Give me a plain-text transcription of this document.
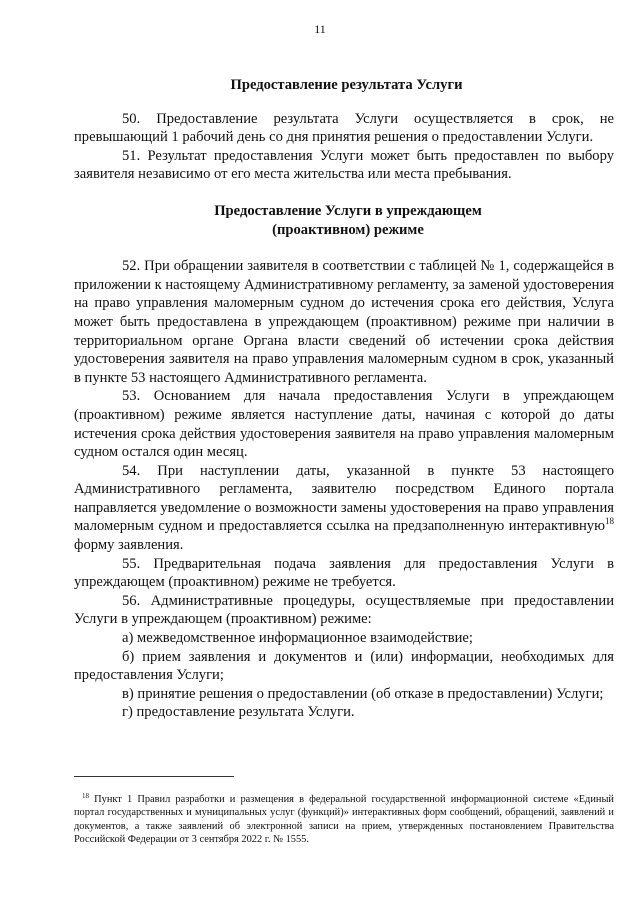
11
Предоставление результата Услуги

50. Предоставление результата Услуги осуществляется в срок, не превышающий 1 рабочий день со дня принятия решения о предоставлении Услуги.

51. Результат предоставления Услуги может быть предоставлен по выбору заявителя независимо от его места жительства или места пребывания.

Предоставление Услуги в упреждающем
(проактивном) режиме

52. При обращении заявителя в соответствии с таблицей № 1, содержащейся в приложении к настоящему Административному регламенту, за заменой удостоверения на право управления маломерным судном до истечения срока его действия, Услуга может быть предоставлена в упреждающем (проактивном) режиме при наличии в территориальном органе Органа власти сведений об истечении срока действия удостоверения заявителя на право управления маломерным судном в срок, указанный в пункте 53 настоящего Административного регламента.

53. Основанием для начала предоставления Услуги в упреждающем (проактивном) режиме является наступление даты, начиная с которой до даты истечения срока действия удостоверения заявителя на право управления маломерным судном остался один месяц.

54. При наступлении даты, указанной в пункте 53 настоящего Административного регламента, заявителю посредством Единого портала направляется уведомление о возможности замены удостоверения на право управления маломерным судном и предоставляется ссылка на предзаполненную интерактивную$^{18}$ форму заявления.

55. Предварительная подача заявления для предоставления Услуги в упреждающем (проактивном) режиме не требуется.

56. Административные процедуры, осуществляемые при предоставлении Услуги в упреждающем (проактивном) режиме:

а) межведомственное информационное взаимодействие;

б) прием заявления и документов и (или) информации, необходимых для предоставления Услуги;

в) принятие решения о предоставлении (об отказе в предоставлении) Услуги;

г) предоставление результата Услуги.

$^{18}$ Пункт 1 Правил разработки и размещения в федеральной государственной информационной системе «Единый портал государственных и муниципальных услуг (функций)» интерактивных форм сообщений, обращений, заявлений и документов, а также заявлений об электронной записи на прием, утвержденных постановлением Правительства Российской Федерации от 3 сентября 2022 г. № 1555.
